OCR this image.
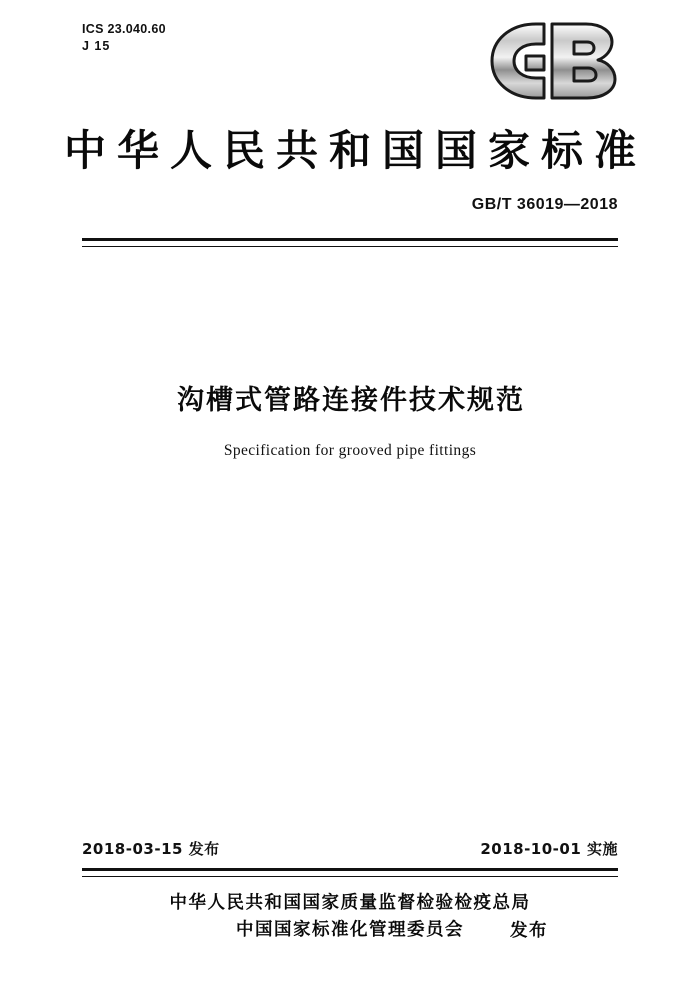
ICS 23.040.60
J 15
中华人民共和国国家标准
GB/T 36019—2018
沟槽式管路连接件技术规范
Specification for grooved pipe fittings
2018-03-15 发布	2018-10-01 实施
中华人民共和国国家质量监督检验检疫总局
中国国家标准化管理委员会	发布
